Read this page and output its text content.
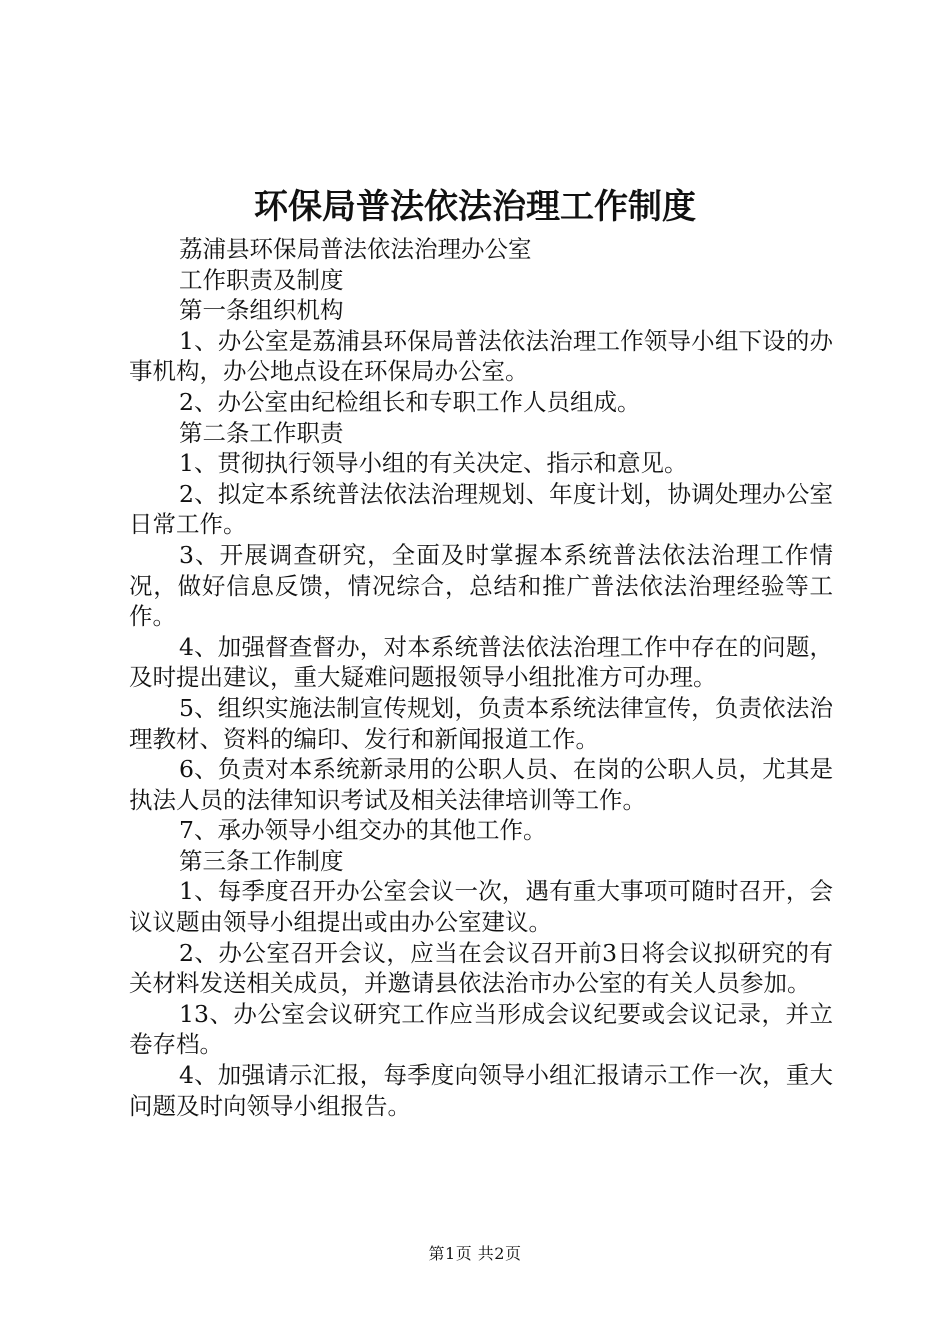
环保局普法依法治理工作制度

荔浦县环保局普法依法治理办公室

工作职责及制度

第一条组织机构

1、办公室是荔浦县环保局普法依法治理工作领导小组下设的办事机构，办公地点设在环保局办公室。

2、办公室由纪检组长和专职工作人员组成。

第二条工作职责

1、贯彻执行领导小组的有关决定、指示和意见。

2、拟定本系统普法依法治理规划、年度计划，协调处理办公室日常工作。

3、开展调查研究，全面及时掌握本系统普法依法治理工作情况，做好信息反馈，情况综合，总结和推广普法依法治理经验等工作。

4、加强督查督办，对本系统普法依法治理工作中存在的问题，及时提出建议，重大疑难问题报领导小组批准方可办理。

5、组织实施法制宣传规划，负责本系统法律宣传，负责依法治理教材、资料的编印、发行和新闻报道工作。

6、负责对本系统新录用的公职人员、在岗的公职人员，尤其是执法人员的法律知识考试及相关法律培训等工作。

7、承办领导小组交办的其他工作。

第三条工作制度

1、每季度召开办公室会议一次，遇有重大事项可随时召开，会议议题由领导小组提出或由办公室建议。

2、办公室召开会议，应当在会议召开前3日将会议拟研究的有关材料发送相关成员，并邀请县依法治市办公室的有关人员参加。

13、办公室会议研究工作应当形成会议纪要或会议记录，并立卷存档。

4、加强请示汇报，每季度向领导小组汇报请示工作一次，重大问题及时向领导小组报告。

第1页 共2页
